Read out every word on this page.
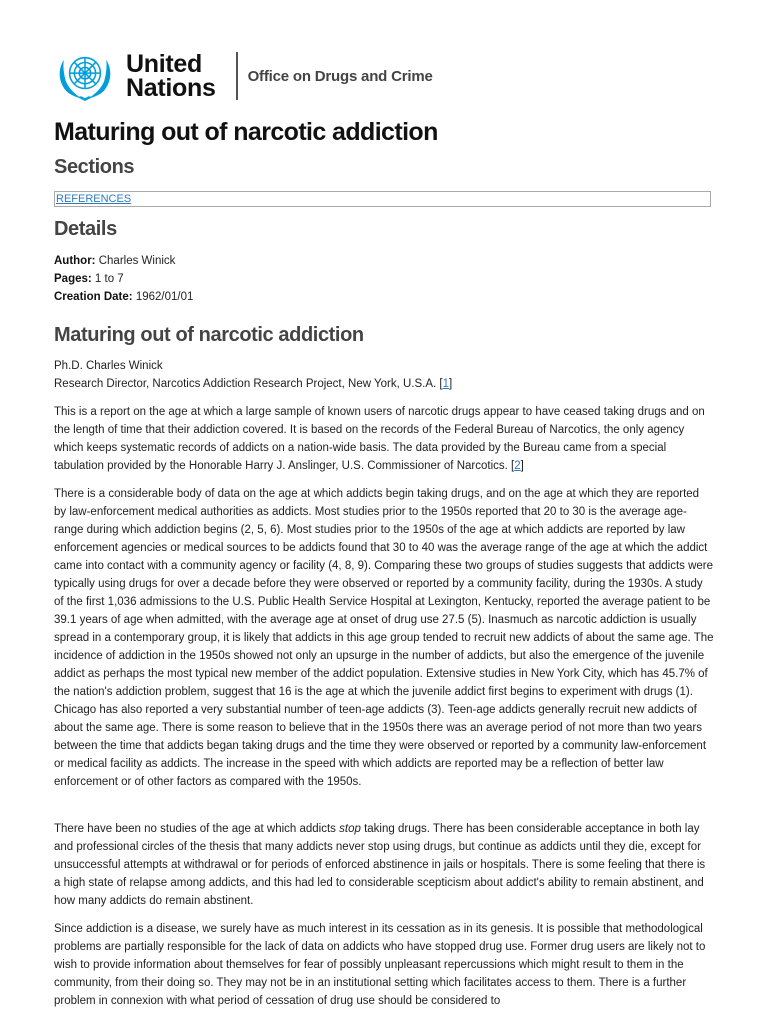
United
Nations Office on Drugs and Crime
Maturing out of narcotic addiction
Sections
REFERENCES
Details
Author: Charles Winick
Pages: 1 to 7
Creation Date: 1962/01/01
Maturing out of narcotic addiction

Ph.D. Charles Winick
Research Director, Narcotics Addiction Research Project, New York, U.S.A. [1]

This is a report on the age at which a large sample of known users of narcotic drugs appear to have ceased taking drugs and on the length of time that their addiction covered. It is based on the records of the Federal Bureau of Narcotics, the only agency which keeps systematic records of addicts on a nation-wide basis. The data provided by the Bureau came from a special tabulation provided by the Honorable Harry J. Anslinger, U.S. Commissioner of Narcotics. [2]

There is a considerable body of data on the age at which addicts begin taking drugs, and on the age at which they are reported by law-enforcement medical authorities as addicts. Most studies prior to the 1950s reported that 20 to 30 is the average age-range during which addiction begins (2, 5, 6). Most studies prior to the 1950s of the age at which addicts are reported by law enforcement agencies or medical sources to be addicts found that 30 to 40 was the average range of the age at which the addict came into contact with a community agency or facility (4, 8, 9). Comparing these two groups of studies suggests that addicts were typically using drugs for over a decade before they were observed or reported by a community facility, during the 1930s. A study of the first 1,036 admissions to the U.S. Public Health Service Hospital at Lexington, Kentucky, reported the average patient to be 39.1 years of age when admitted, with the average age at onset of drug use 27.5 (5). Inasmuch as narcotic addiction is usually spread in a contemporary group, it is likely that addicts in this age group tended to recruit new addicts of about the same age. The incidence of addiction in the 1950s showed not only an upsurge in the number of addicts, but also the emergence of the juvenile addict as perhaps the most typical new member of the addict population. Extensive studies in New York City, which has 45.7% of the nation's addiction problem, suggest that 16 is the age at which the juvenile addict first begins to experiment with drugs (1). Chicago has also reported a very substantial number of teen-age addicts (3). Teen-age addicts generally recruit new addicts of about the same age. There is some reason to believe that in the 1950s there was an average period of not more than two years between the time that addicts began taking drugs and the time they were observed or reported by a community law-enforcement or medical facility as addicts. The increase in the speed with which addicts are reported may be a reflection of better law enforcement or of other factors as compared with the 1950s.

There have been no studies of the age at which addicts stop taking drugs. There has been considerable acceptance in both lay and professional circles of the thesis that many addicts never stop using drugs, but continue as addicts until they die, except for unsuccessful attempts at withdrawal or for periods of enforced abstinence in jails or hospitals. There is some feeling that there is a high state of relapse among addicts, and this had led to considerable scepticism about addict's ability to remain abstinent, and how many addicts do remain abstinent.

Since addiction is a disease, we surely have as much interest in its cessation as in its genesis. It is possible that methodological problems are partially responsible for the lack of data on addicts who have stopped drug use. Former drug users are likely not to wish to provide information about themselves for fear of possibly unpleasant repercussions which might result to them in the community, from their doing so. They may not be in an institutional setting which facilitates access to them. There is a further problem in connexion with what period of cessation of drug use should be considered to
